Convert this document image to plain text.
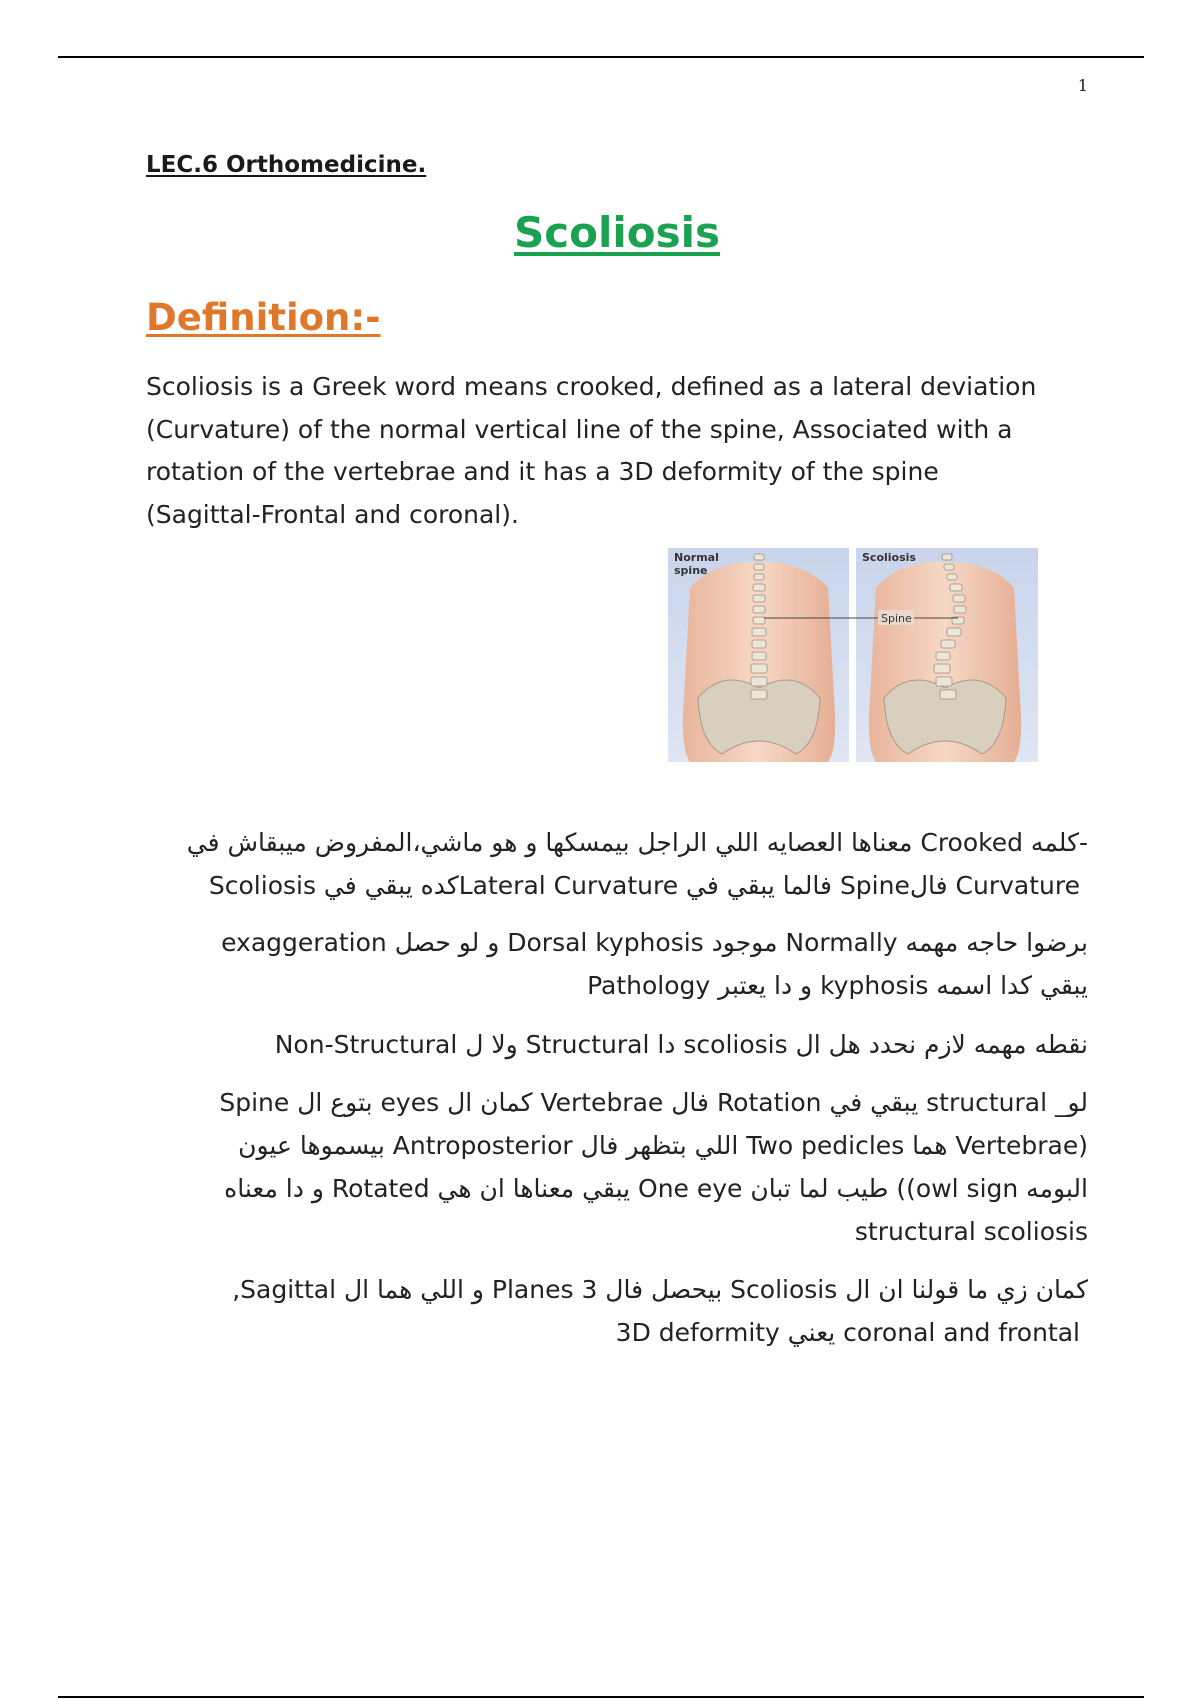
1
LEC.6 Orthomedicine.
Scoliosis
Definition:-
Scoliosis is a Greek word means crooked, defined as a lateral deviation
(Curvature) of the normal vertical line of the spine, Associated with a
rotation of the vertebrae and it has a 3D deformity of the spine
(Sagittal-Frontal and coronal).
Normal
spine
Scoliosis
Spine
-كلمه Crooked معناها العصايه اللي الراجل بيمسكها و هو ماشي،المفروض ميبقاش في
Curvature فالSpine فالما يبقي في Lateral Curvatureكده يبقي في Scoliosis
برضوا حاجه مهمه Normally موجود Dorsal kyphosis و لو حصل exaggeration
يبقي كدا اسمه kyphosis و دا يعتبر Pathology
نقطه مهمه لازم نحدد هل ال scoliosis دا Structural ولا ل Non-Structural
لو_ structural يبقي في Rotation فال Vertebrae كمان ال eyes بتوع ال Spine
(Vertebrae هما Two pedicles اللي بتظهر فال Antroposterior بيسموها عيون
البومه owl sign)) طيب لما تبان One eye يبقي معناها ان هي Rotated و دا معناه
structural scoliosis
كمان زي ما قولنا ان ال Scoliosis بيحصل فال 3 Planes و اللي هما ال Sagittal,
coronal and frontal يعني 3D deformity
